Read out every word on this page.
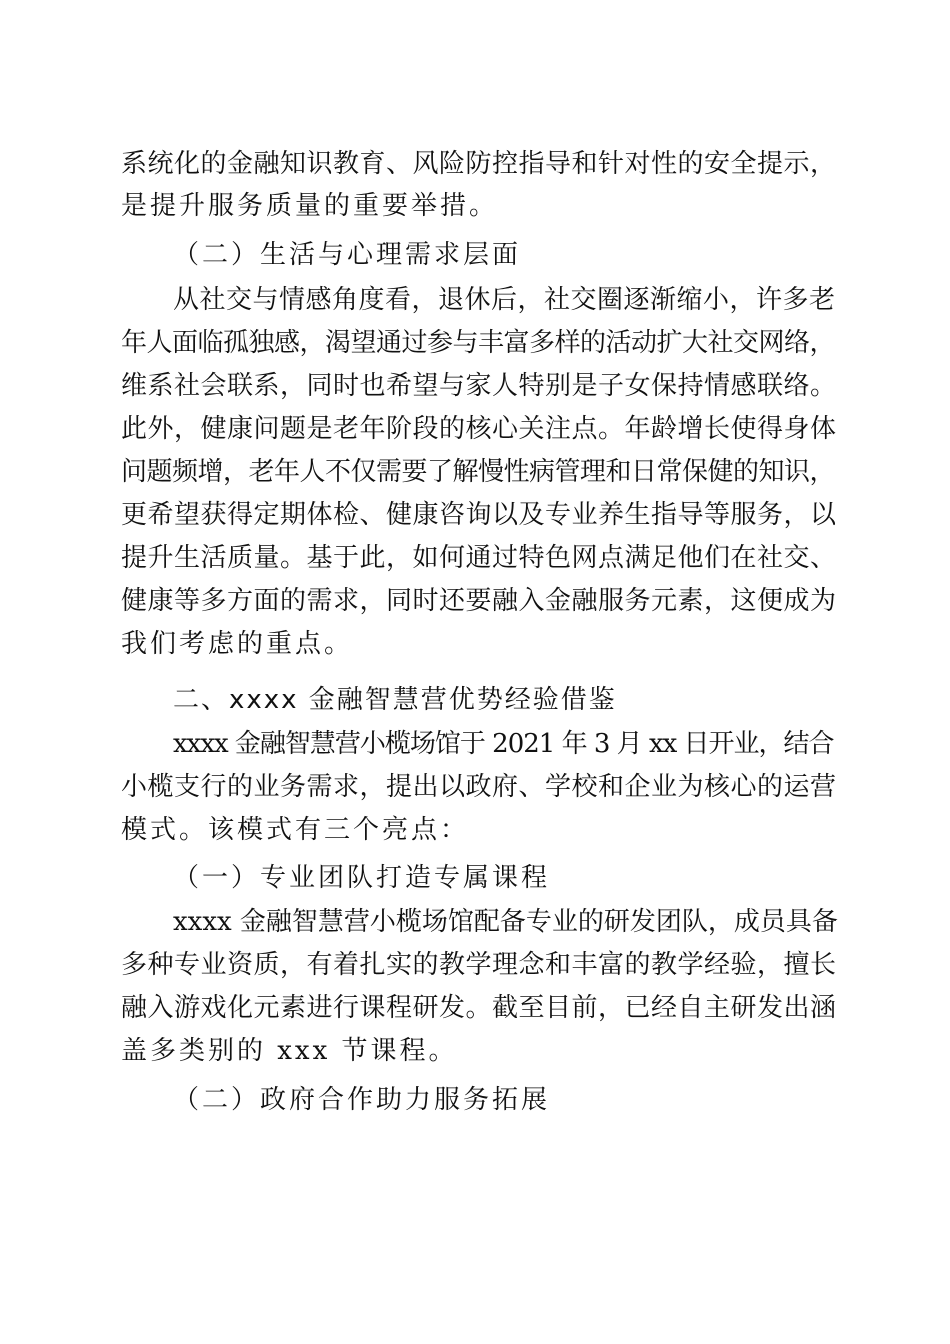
系统化的金融知识教育、风险防控指导和针对性的安全提示，
是提升服务质量的重要举措。
（二）生活与心理需求层面
从社交与情感角度看，退休后，社交圈逐渐缩小，许多老
年人面临孤独感，渴望通过参与丰富多样的活动扩大社交网络，
维系社会联系，同时也希望与家人特别是子女保持情感联络。
此外，健康问题是老年阶段的核心关注点。年龄增长使得身体
问题频增，老年人不仅需要了解慢性病管理和日常保健的知识，
更希望获得定期体检、健康咨询以及专业养生指导等服务，以
提升生活质量。基于此，如何通过特色网点满足他们在社交、
健康等多方面的需求，同时还要融入金融服务元素，这便成为
我们考虑的重点。
二、xxxx 金融智慧营优势经验借鉴
xxxx 金融智慧营小榄场馆于 2021 年 3 月 xx 日开业，结合
小榄支行的业务需求，提出以政府、学校和企业为核心的运营
模式。该模式有三个亮点：
（一）专业团队打造专属课程
xxxx 金融智慧营小榄场馆配备专业的研发团队，成员具备
多种专业资质，有着扎实的教学理念和丰富的教学经验，擅长
融入游戏化元素进行课程研发。截至目前，已经自主研发出涵
盖多类别的 xxx 节课程。
（二）政府合作助力服务拓展
